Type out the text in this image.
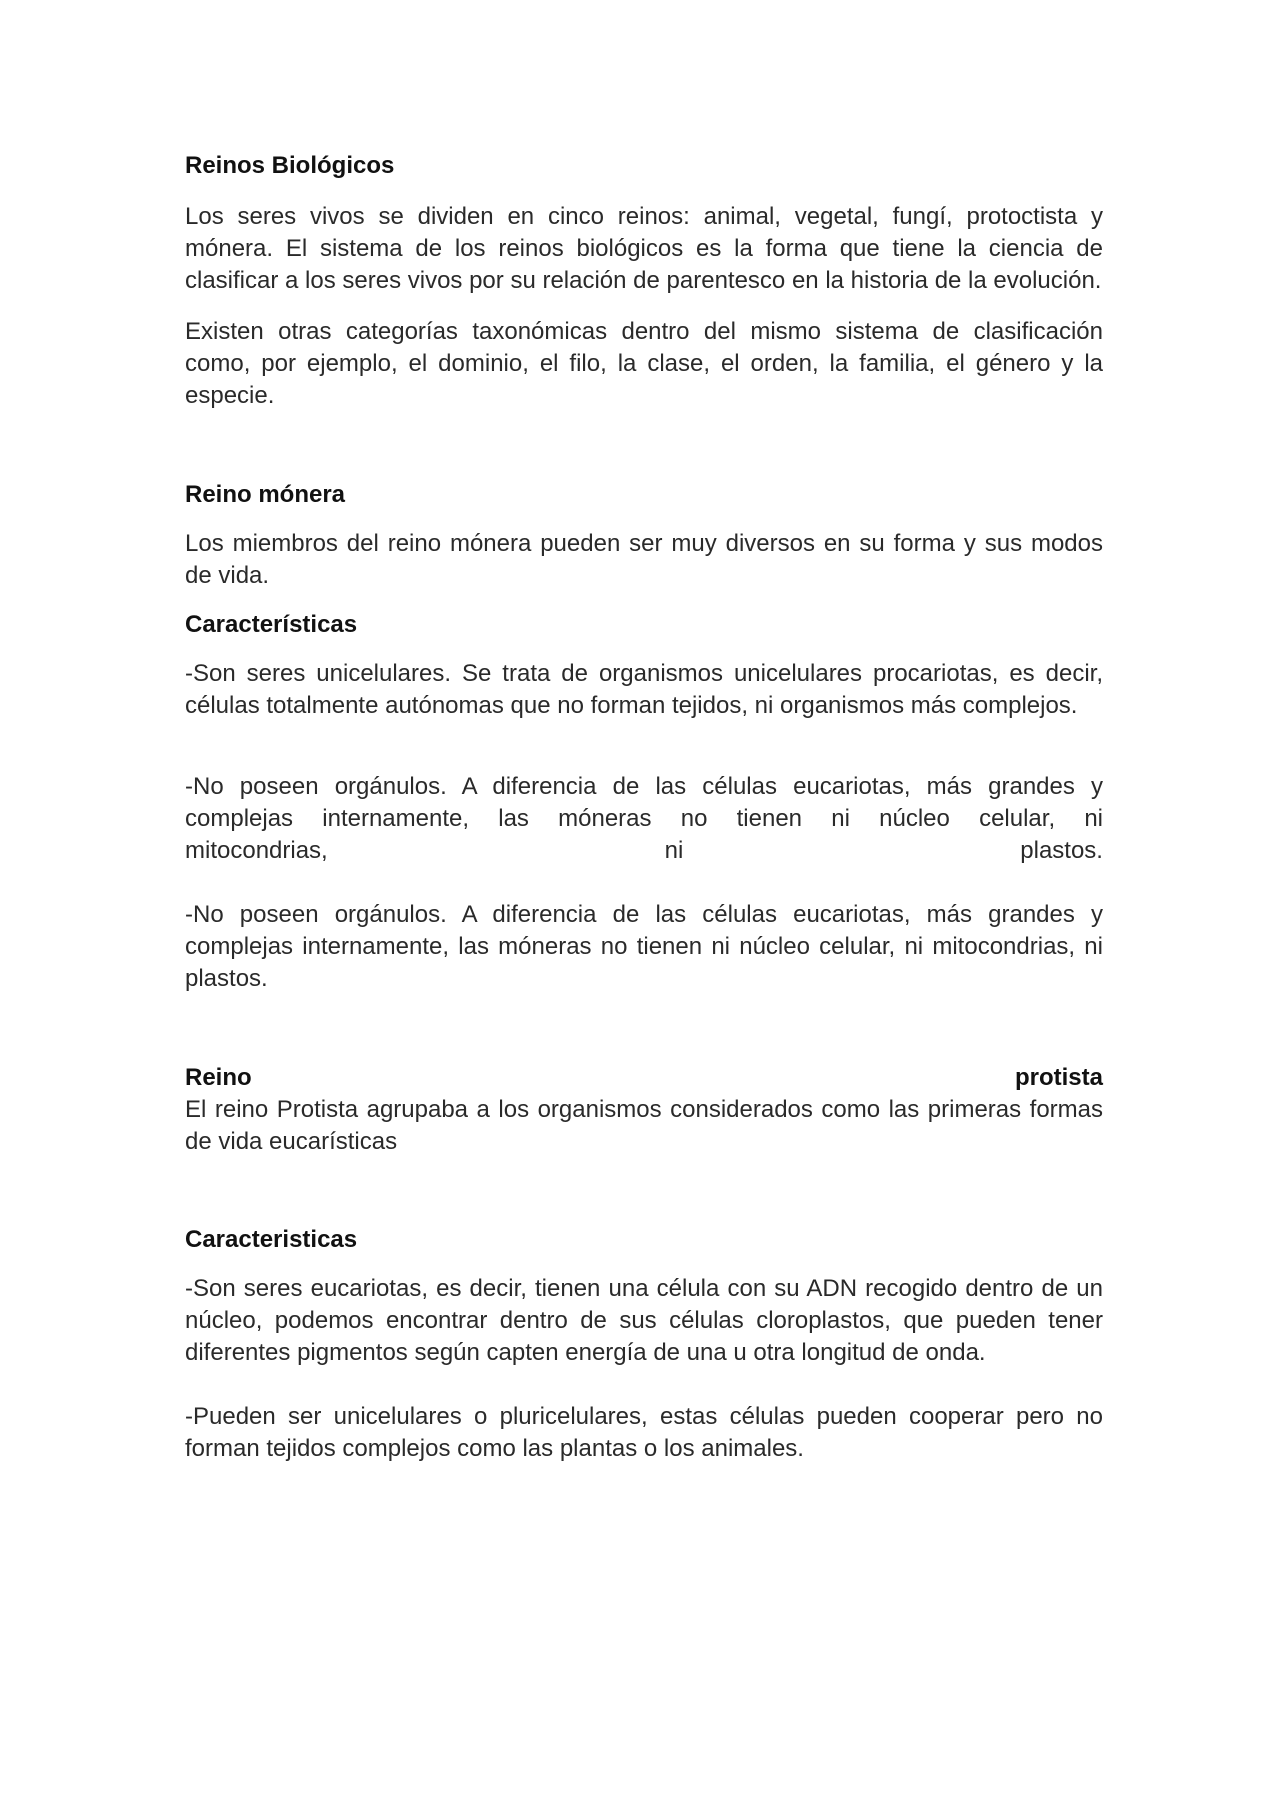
Reinos Biológicos

Los seres vivos se dividen en cinco reinos: animal, vegetal, fungí, protoctista y mónera. El sistema de los reinos biológicos es la forma que tiene la ciencia de clasificar a los seres vivos por su relación de parentesco en la historia de la evolución.

Existen otras categorías taxonómicas dentro del mismo sistema de clasificación como, por ejemplo, el dominio, el filo, la clase, el orden, la familia, el género y la especie.

Reino mónera

Los miembros del reino mónera pueden ser muy diversos en su forma y sus modos de vida.

Características

-Son seres unicelulares. Se trata de organismos unicelulares procariotas, es decir, células totalmente autónomas que no forman tejidos, ni organismos más complejos.

-No poseen orgánulos. A diferencia de las células eucariotas, más grandes y complejas internamente, las móneras no tienen ni núcleo celular, ni

mitocondrias,	ni	plastos.

-No poseen orgánulos. A diferencia de las células eucariotas, más grandes y complejas internamente, las móneras no tienen ni núcleo celular, ni mitocondrias, ni plastos.

Reino	protista

El reino Protista agrupaba a los organismos considerados como las primeras formas de vida eucarísticas

Caracteristicas

-Son seres eucariotas, es decir, tienen una célula con su ADN recogido dentro de un núcleo, podemos encontrar dentro de sus células cloroplastos, que pueden tener diferentes pigmentos según capten energía de una u otra longitud de onda.

-Pueden ser unicelulares o pluricelulares, estas células pueden cooperar pero no forman tejidos complejos como las plantas o los animales.
